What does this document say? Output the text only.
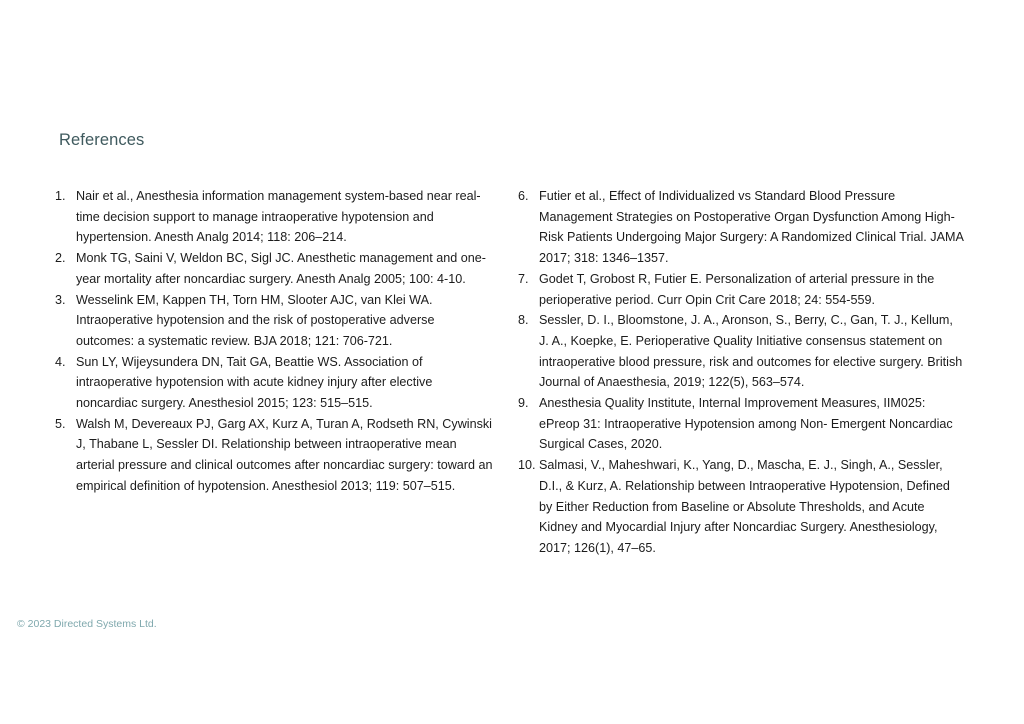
References
1. Nair et al., Anesthesia information management system-based near real-time decision support to manage intraoperative hypotension and hypertension. Anesth Analg 2014; 118: 206–214.
2. Monk TG, Saini V, Weldon BC, Sigl JC. Anesthetic management and one-year mortality after noncardiac surgery. Anesth Analg 2005; 100: 4-10.
3. Wesselink EM, Kappen TH, Torn HM, Slooter AJC, van Klei WA. Intraoperative hypotension and the risk of postoperative adverse outcomes: a systematic review. BJA 2018; 121: 706-721.
4. Sun LY, Wijeysundera DN, Tait GA, Beattie WS. Association of intraoperative hypotension with acute kidney injury after elective noncardiac surgery. Anesthesiol 2015; 123: 515–515.
5. Walsh M, Devereaux PJ, Garg AX, Kurz A, Turan A, Rodseth RN, Cywinski J, Thabane L, Sessler DI. Relationship between intraoperative mean arterial pressure and clinical outcomes after noncardiac surgery: toward an empirical definition of hypotension. Anesthesiol 2013; 119: 507–515.
6. Futier et al., Effect of Individualized vs Standard Blood Pressure Management Strategies on Postoperative Organ Dysfunction Among High-Risk Patients Undergoing Major Surgery: A Randomized Clinical Trial. JAMA 2017; 318: 1346–1357.
7. Godet T, Grobost R, Futier E. Personalization of arterial pressure in the perioperative period. Curr Opin Crit Care 2018; 24: 554-559.
8. Sessler, D. I., Bloomstone, J. A., Aronson, S., Berry, C., Gan, T. J., Kellum, J. A., Koepke, E. Perioperative Quality Initiative consensus statement on intraoperative blood pressure, risk and outcomes for elective surgery. British Journal of Anaesthesia, 2019; 122(5), 563–574.
9. Anesthesia Quality Institute, Internal Improvement Measures, IIM025: ePreop 31: Intraoperative Hypotension among Non- Emergent Noncardiac Surgical Cases, 2020.
10. Salmasi, V., Maheshwari, K., Yang, D., Mascha, E. J., Singh, A., Sessler, D.I., & Kurz, A. Relationship between Intraoperative Hypotension, Defined by Either Reduction from Baseline or Absolute Thresholds, and Acute Kidney and Myocardial Injury after Noncardiac Surgery. Anesthesiology, 2017; 126(1), 47–65.
© 2023 Directed Systems Ltd.
